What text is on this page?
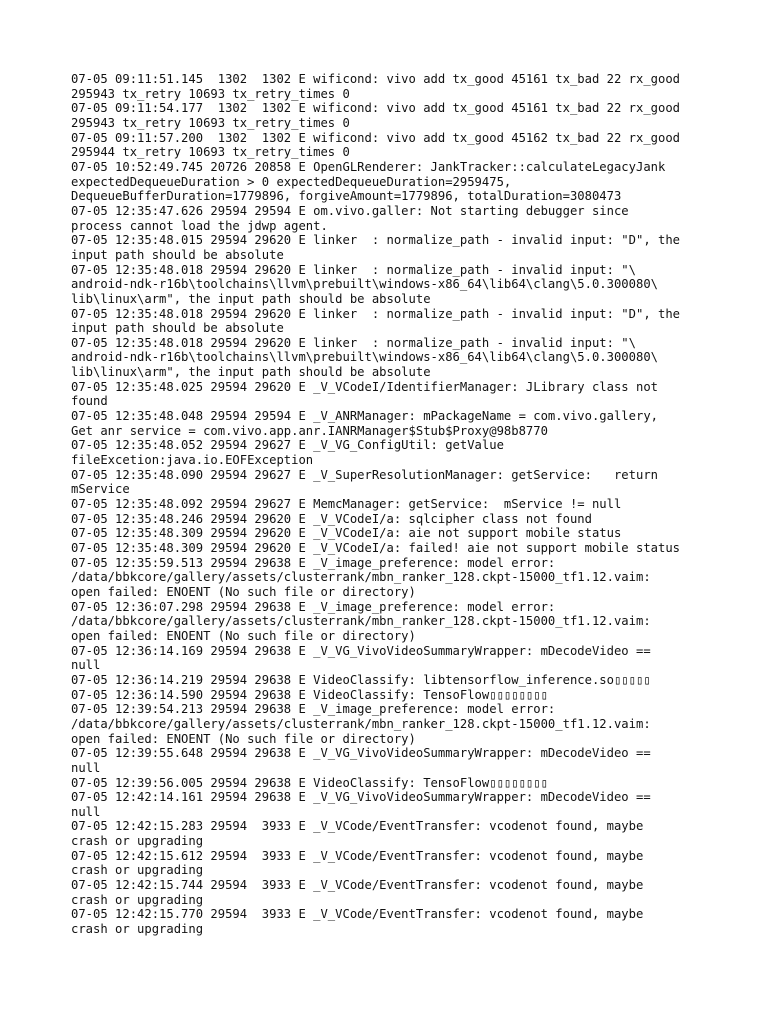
07-05 09:11:51.145  1302  1302 E wificond: vivo add tx_good 45161 tx_bad 22 rx_good
295943 tx_retry 10693 tx_retry_times 0
07-05 09:11:54.177  1302  1302 E wificond: vivo add tx_good 45161 tx_bad 22 rx_good
295943 tx_retry 10693 tx_retry_times 0
07-05 09:11:57.200  1302  1302 E wificond: vivo add tx_good 45162 tx_bad 22 rx_good
295944 tx_retry 10693 tx_retry_times 0
07-05 10:52:49.745 20726 20858 E OpenGLRenderer: JankTracker::calculateLegacyJank
expectedDequeueDuration > 0 expectedDequeueDuration=2959475,
DequeueBufferDuration=1779896, forgiveAmount=1779896, totalDuration=3080473
07-05 12:35:47.626 29594 29594 E om.vivo.galler: Not starting debugger since
process cannot load the jdwp agent.
07-05 12:35:48.015 29594 29620 E linker  : normalize_path - invalid input: "D", the
input path should be absolute
07-05 12:35:48.018 29594 29620 E linker  : normalize_path - invalid input: "\
android-ndk-r16b\toolchains\llvm\prebuilt\windows-x86_64\lib64\clang\5.0.300080\
lib\linux\arm", the input path should be absolute
07-05 12:35:48.018 29594 29620 E linker  : normalize_path - invalid input: "D", the
input path should be absolute
07-05 12:35:48.018 29594 29620 E linker  : normalize_path - invalid input: "\
android-ndk-r16b\toolchains\llvm\prebuilt\windows-x86_64\lib64\clang\5.0.300080\
lib\linux\arm", the input path should be absolute
07-05 12:35:48.025 29594 29620 E _V_VCodeI/IdentifierManager: JLibrary class not
found
07-05 12:35:48.048 29594 29594 E _V_ANRManager: mPackageName = com.vivo.gallery,
Get anr service = com.vivo.app.anr.IANRManager$Stub$Proxy@98b8770
07-05 12:35:48.052 29594 29627 E _V_VG_ConfigUtil: getValue
fileExcetion:java.io.EOFException
07-05 12:35:48.090 29594 29627 E _V_SuperResolutionManager: getService:   return
mService
07-05 12:35:48.092 29594 29627 E MemcManager: getService:  mService != null
07-05 12:35:48.246 29594 29620 E _V_VCodeI/a: sqlcipher class not found
07-05 12:35:48.309 29594 29620 E _V_VCodeI/a: aie not support mobile status
07-05 12:35:48.309 29594 29620 E _V_VCodeI/a: failed! aie not support mobile status
07-05 12:35:59.513 29594 29638 E _V_image_preference: model error:
/data/bbkcore/gallery/assets/clusterrank/mbn_ranker_128.ckpt-15000_tf1.12.vaim:
open failed: ENOENT (No such file or directory)
07-05 12:36:07.298 29594 29638 E _V_image_preference: model error:
/data/bbkcore/gallery/assets/clusterrank/mbn_ranker_128.ckpt-15000_tf1.12.vaim:
open failed: ENOENT (No such file or directory)
07-05 12:36:14.169 29594 29638 E _V_VG_VivoVideoSummaryWrapper: mDecodeVideo ==
null
07-05 12:36:14.219 29594 29638 E VideoClassify: libtensorflow_inference.so▯▯▯▯▯
07-05 12:36:14.590 29594 29638 E VideoClassify: TensoFlow▯▯▯▯▯▯▯▯
07-05 12:39:54.213 29594 29638 E _V_image_preference: model error:
/data/bbkcore/gallery/assets/clusterrank/mbn_ranker_128.ckpt-15000_tf1.12.vaim:
open failed: ENOENT (No such file or directory)
07-05 12:39:55.648 29594 29638 E _V_VG_VivoVideoSummaryWrapper: mDecodeVideo ==
null
07-05 12:39:56.005 29594 29638 E VideoClassify: TensoFlow▯▯▯▯▯▯▯▯
07-05 12:42:14.161 29594 29638 E _V_VG_VivoVideoSummaryWrapper: mDecodeVideo ==
null
07-05 12:42:15.283 29594  3933 E _V_VCode/EventTransfer: vcodenot found, maybe
crash or upgrading
07-05 12:42:15.612 29594  3933 E _V_VCode/EventTransfer: vcodenot found, maybe
crash or upgrading
07-05 12:42:15.744 29594  3933 E _V_VCode/EventTransfer: vcodenot found, maybe
crash or upgrading
07-05 12:42:15.770 29594  3933 E _V_VCode/EventTransfer: vcodenot found, maybe
crash or upgrading
